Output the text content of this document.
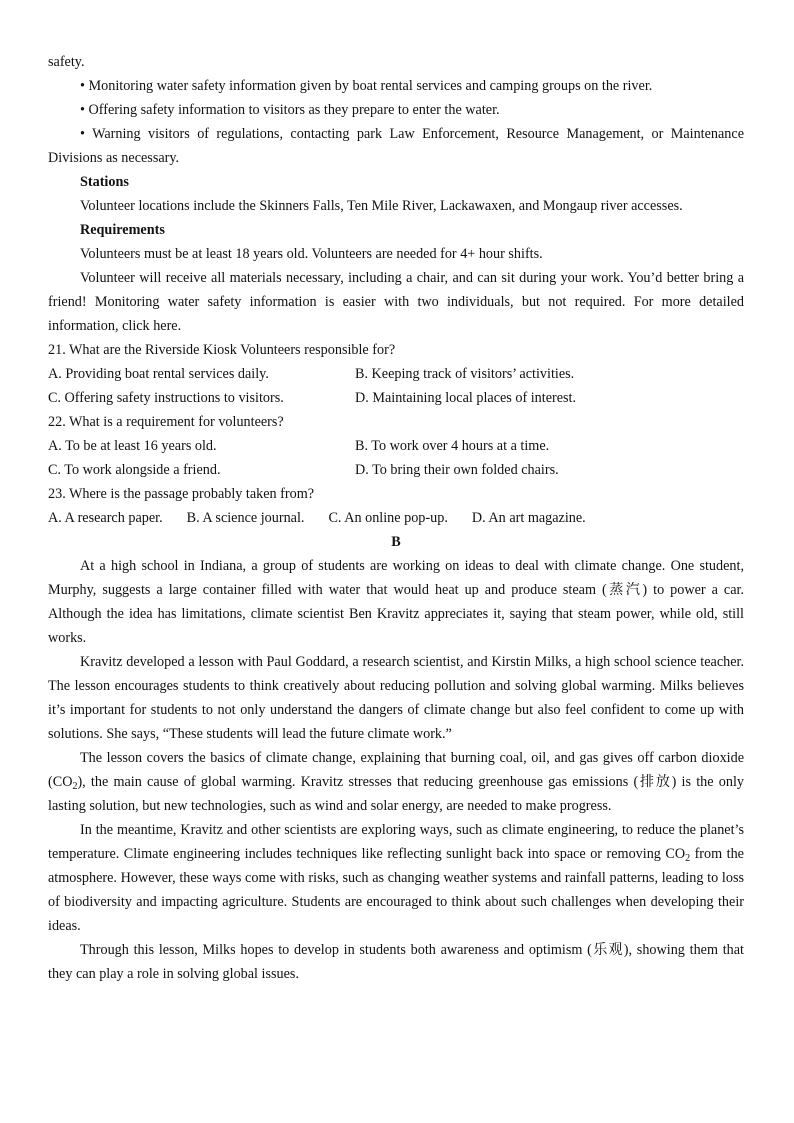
safety.

• Monitoring water safety information given by boat rental services and camping groups on the river.

• Offering safety information to visitors as they prepare to enter the water.

• Warning visitors of regulations, contacting park Law Enforcement, Resource Management, or Maintenance Divisions as necessary.

Stations

Volunteer locations include the Skinners Falls, Ten Mile River, Lackawaxen, and Mongaup river accesses.

Requirements

Volunteers must be at least 18 years old. Volunteers are needed for 4+ hour shifts.

Volunteer will receive all materials necessary, including a chair, and can sit during your work. You’d better bring a friend! Monitoring water safety information is easier with two individuals, but not required. For more detailed information, click here.

21. What are the Riverside Kiosk Volunteers responsible for?

A. Providing boat rental services daily.	B. Keeping track of visitors’ activities.
C. Offering safety instructions to visitors.	D. Maintaining local places of interest.

22. What is a requirement for volunteers?

A. To be at least 16 years old.	B. To work over 4 hours at a time.
C. To work alongside a friend.	D. To bring their own folded chairs.

23. Where is the passage probably taken from?

A. A research paper. B. A science journal. C. An online pop-up. D. An art magazine.
B

At a high school in Indiana, a group of students are working on ideas to deal with climate change. One student, Murphy, suggests a large container filled with water that would heat up and produce steam (蒸汽) to power a car. Although the idea has limitations, climate scientist Ben Kravitz appreciates it, saying that steam power, while old, still works.

Kravitz developed a lesson with Paul Goddard, a research scientist, and Kirstin Milks, a high school science teacher. The lesson encourages students to think creatively about reducing pollution and solving global warming. Milks believes it’s important for students to not only understand the dangers of climate change but also feel confident to come up with solutions. She says, “These students will lead the future climate work.”

The lesson covers the basics of climate change, explaining that burning coal, oil, and gas gives off carbon dioxide $(CO_2)$, the main cause of global warming. Kravitz stresses that reducing greenhouse gas emissions (排放) is the only lasting solution, but new technologies, such as wind and solar energy, are needed to make progress.

In the meantime, Kravitz and other scientists are exploring ways, such as climate engineering, to reduce the planet’s temperature. Climate engineering includes techniques like reflecting sunlight back into space or removing $CO_2$ from the atmosphere. However, these ways come with risks, such as changing weather systems and rainfall patterns, leading to loss of biodiversity and impacting agriculture. Students are encouraged to think about such challenges when developing their ideas.

Through this lesson, Milks hopes to develop in students both awareness and optimism (乐观), showing them that they can play a role in solving global issues.
